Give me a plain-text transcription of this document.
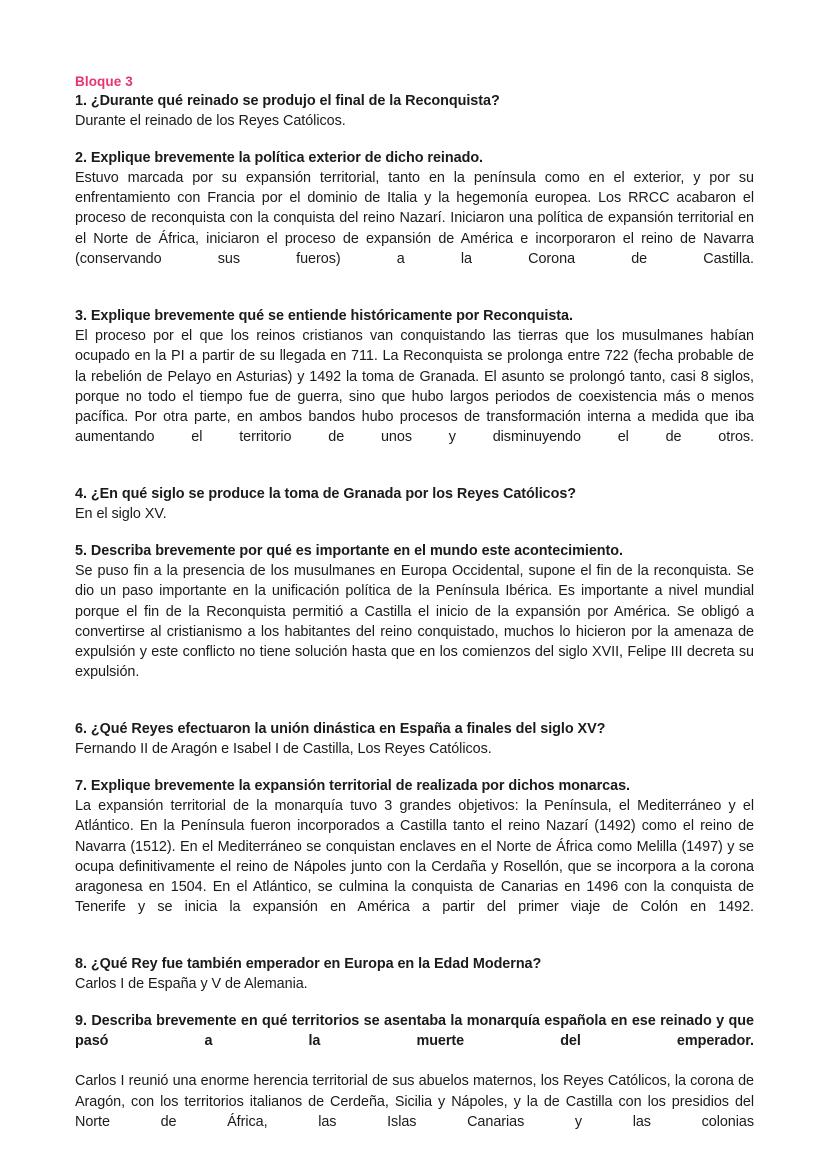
Bloque 3

1. ¿Durante qué reinado se produjo el final de la Reconquista?

Durante el reinado de los Reyes Católicos.

2. Explique brevemente la política exterior de dicho reinado.

Estuvo marcada por su expansión territorial, tanto en la península como en el exterior, y por su enfrentamiento con Francia por el dominio de Italia y la hegemonía europea. Los RRCC acabaron el proceso de reconquista con la conquista del reino Nazarí. Iniciaron una política de expansión territorial en el Norte de África, iniciaron el proceso de expansión de América e incorporaron el reino de Navarra (conservando sus fueros) a la Corona de Castilla.

3. Explique brevemente qué se entiende históricamente por Reconquista.

El proceso por el que los reinos cristianos van conquistando las tierras que los musulmanes habían ocupado en la PI a partir de su llegada en 711. La Reconquista se prolonga entre 722 (fecha probable de la rebelión de Pelayo en Asturias) y 1492 la toma de Granada. El asunto se prolongó tanto, casi 8 siglos, porque no todo el tiempo fue de guerra, sino que hubo largos periodos de coexistencia más o menos pacífica. Por otra parte, en ambos bandos hubo procesos de transformación interna a medida que iba aumentando el territorio de unos y disminuyendo el de otros.

4. ¿En qué siglo se produce la toma de Granada por los Reyes Católicos?

En el siglo XV.

5. Describa brevemente por qué es importante en el mundo este acontecimiento.

Se puso fin a la presencia de los musulmanes en Europa Occidental, supone el fin de la reconquista. Se dio un paso importante en la unificación política de la Península Ibérica. Es importante a nivel mundial porque el fin de la Reconquista permitió a Castilla el inicio de la expansión por América. Se obligó a convertirse al cristianismo a los habitantes del reino conquistado, muchos lo hicieron por la amenaza de expulsión y este conflicto no tiene solución hasta que en los comienzos del siglo XVII, Felipe III decreta su expulsión.

6. ¿Qué Reyes efectuaron la unión dinástica en España a finales del siglo XV?

Fernando II de Aragón e Isabel I de Castilla, Los Reyes Católicos.

7. Explique brevemente la expansión territorial de realizada por dichos monarcas.

La expansión territorial de la monarquía tuvo 3 grandes objetivos: la Península, el Mediterráneo y el Atlántico. En la Península fueron incorporados a Castilla tanto el reino Nazarí (1492) como el reino de Navarra (1512). En el Mediterráneo se conquistan enclaves en el Norte de África como Melilla (1497) y se ocupa definitivamente el reino de Nápoles junto con la Cerdaña y Rosellón, que se incorpora a la corona aragonesa en 1504. En el Atlántico, se culmina la conquista de Canarias en 1496 con la conquista de Tenerife y se inicia la expansión en América a partir del primer viaje de Colón en 1492.

8. ¿Qué Rey fue también emperador en Europa en la Edad Moderna?

Carlos I de España y V de Alemania.

9. Describa brevemente en qué territorios se asentaba la monarquía española en ese reinado y que pasó a la muerte del emperador.

Carlos I reunió una enorme herencia territorial de sus abuelos maternos, los Reyes Católicos, la corona de Aragón, con los territorios italianos de Cerdeña, Sicilia y Nápoles, y la de Castilla con los presidios del Norte de África, las Islas Canarias y las colonias
